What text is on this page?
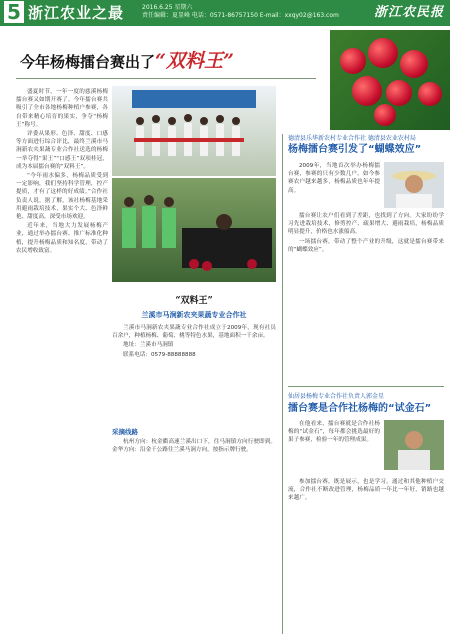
5 浙江农业之最	2016.6.25 星期六
责任编辑：夏显峰 电话：0571-86757150 E-mail：xxqy02@163.com	浙江农民报
今年杨梅擂台赛出了“双料王”

盛夏时节，一年一度的慈溪杨梅擂台赛又如期开赛了。今年擂台赛共吸引了全市各地杨梅种植户参赛，各自带来精心培育的果实，争夺“杨梅王”称号。

评委从果形、色泽、甜度、口感等方面进行综合评比，最终兰溪市马涧新农夹果蔬专业合作社送选的杨梅一举夺得“果王”“口感王”双项桂冠，成为本届擂台赛的“双料王”。

“今年雨水偏多，杨梅品质受到一定影响，我们坚持科学管理，控产提质，才有了这样的好成绩。”合作社负责人说。据了解，该社杨梅基地采用避雨栽培技术，果实个大、色泽鲜艳、甜度高，深受市场欢迎。

近年来，当地大力发展杨梅产业，通过举办擂台赛、推广标准化种植，提升杨梅品质和知名度，带动了农民增收致富。

“双料王”
兰溪市马涧新农夹果蔬专业合作社

兰溪市马涧新农夹果蔬专业合作社成立于2009年，现有社员百余户，种植杨梅、葡萄、桃等特色水果，基地面积一千余亩。

地址：兰溪市马涧镇

联系电话：0579-88888888

采摘线路

杭州方向：杭金衢高速兰溪出口下，往马涧镇方向行驶即到。金华方向：沿金千公路往兰溪马涧方向，按指示牌行驶。

德清县乐华新农村专业合作社 德清县农业农村局
杨梅擂台赛引发了“蝴蝶效应”

2009年，当地首次举办杨梅擂台赛，参赛的只有少数几户，如今参赛农户越来越多，杨梅品质也年年提高。

擂台赛让农户们看到了差距，也找到了方向。大家纷纷学习先进栽培技术，修剪控产、疏果增大、避雨栽培，杨梅品质明显提升，价格也水涨船高。

一场擂台赛，带动了整个产业的升级，这就是擂台赛带来的“蝴蝶效应”。

仙居县杨梅专业合作社负责人郭金星
擂台赛是合作社杨梅的“试金石”

在他看来，擂台赛就是合作社杨梅的“试金石”，每年都会挑选最好的果子参赛，检验一年的管理成果。

参加擂台赛，既是展示，也是学习。通过和其他种植户交流，合作社不断改进管理，杨梅品质一年比一年好，销路也越来越广。
